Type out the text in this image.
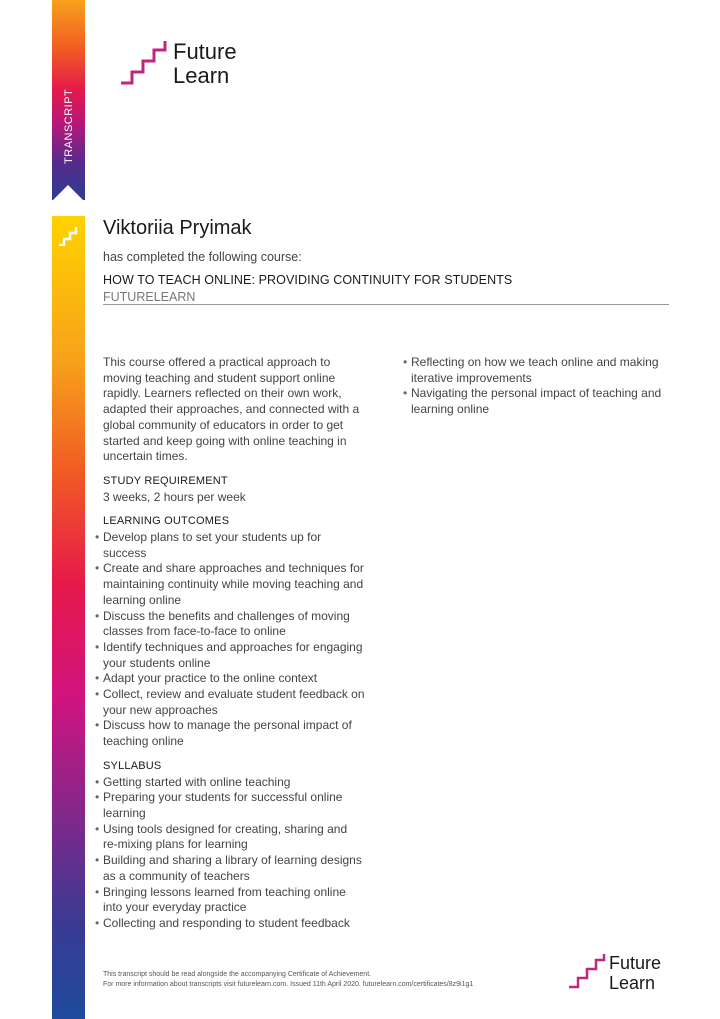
TRANSCRIPT
Future
Learn
Viktoriia Pryimak
has completed the following course:
HOW TO TEACH ONLINE: PROVIDING CONTINUITY FOR STUDENTS
FUTURELEARN

This course offered a practical approach to moving teaching and student support online rapidly. Learners reflected on their own work, adapted their approaches, and connected with a global community of educators in order to get started and keep going with online teaching in uncertain times.

STUDY REQUIREMENT

3 weeks, 2 hours per week

LEARNING OUTCOMES

• Develop plans to set your students up for success
• Create and share approaches and techniques for maintaining continuity while moving teaching and learning online
• Discuss the benefits and challenges of moving classes from face-to-face to online
• Identify techniques and approaches for engaging your students online
• Adapt your practice to the online context
• Collect, review and evaluate student feedback on your new approaches
• Discuss how to manage the personal impact of teaching online

SYLLABUS

• Getting started with online teaching
• Preparing your students for successful online learning
• Using tools designed for creating, sharing and re-mixing plans for learning
• Building and sharing a library of learning designs as a community of teachers
• Bringing lessons learned from teaching online into your everyday practice
• Collecting and responding to student feedback
• Reflecting on how we teach online and making iterative improvements
• Navigating the personal impact of teaching and learning online
This transcript should be read alongside the accompanying Certificate of Achievement.
For more information about transcripts visit futurelearn.com. Issued 11th April 2020. futurelearn.com/certificates/8z9i1g1
Future
Learn
